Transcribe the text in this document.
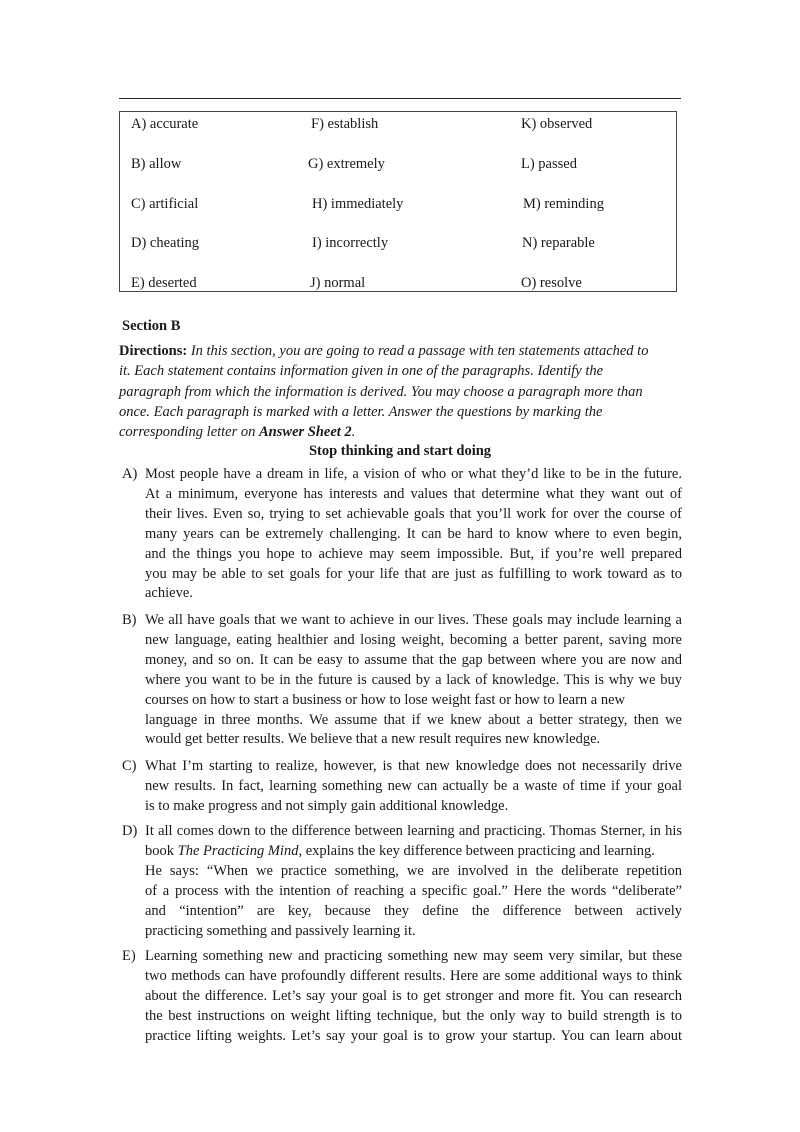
A) accurate	F) establish	K) observed
B) allow	G) extremely	L) passed
C) artificial	H) immediately	M) reminding
D) cheating	I) incorrectly	N) reparable
E) deserted	J) normal	O) resolve
Section B
Directions: In this section, you are going to read a passage with ten statements attached to
it. Each statement contains information given in one of the paragraphs. Identify the
paragraph from which the information is derived. You may choose a paragraph more than
once. Each paragraph is marked with a letter. Answer the questions by marking the
corresponding letter on Answer Sheet 2.
Stop thinking and start doing
A) Most people have a dream in life, a vision of who or what they’d like to be in the future.
At a minimum, everyone has interests and values that determine what they want out of
their lives. Even so, trying to set achievable goals that you’ll work for over the course of
many years can be extremely challenging. It can be hard to know where to even begin,
and the things you hope to achieve may seem impossible. But, if you’re well prepared
you may be able to set goals for your life that are just as fulfilling to work toward as to
achieve.
B) We all have goals that we want to achieve in our lives. These goals may include learning a
new language, eating healthier and losing weight, becoming a better parent, saving more
money, and so on. It can be easy to assume that the gap between where you are now and
where you want to be in the future is caused by a lack of knowledge. This is why we buy
courses on how to start a business or how to lose weight fast or how to learn a new
language in three months. We assume that if we knew about a better strategy, then we
would get better results. We believe that a new result requires new knowledge.
C) What I’m starting to realize, however, is that new knowledge does not necessarily drive
new results. In fact, learning something new can actually be a waste of time if your goal
is to make progress and not simply gain additional knowledge.
D) It all comes down to the difference between learning and practicing. Thomas Sterner, in his
book The Practicing Mind, explains the key difference between practicing and learning.
He says: “When we practice something, we are involved in the deliberate repetition
of a process with the intention of reaching a specific goal.” Here the words “deliberate”
and “intention” are key, because they define the difference between actively
practicing something and passively learning it.
E) Learning something new and practicing something new may seem very similar, but these
two methods can have profoundly different results. Here are some additional ways to think
about the difference. Let’s say your goal is to get stronger and more fit. You can research
the best instructions on weight lifting technique, but the only way to build strength is to
practice lifting weights. Let’s say your goal is to grow your startup. You can learn about
